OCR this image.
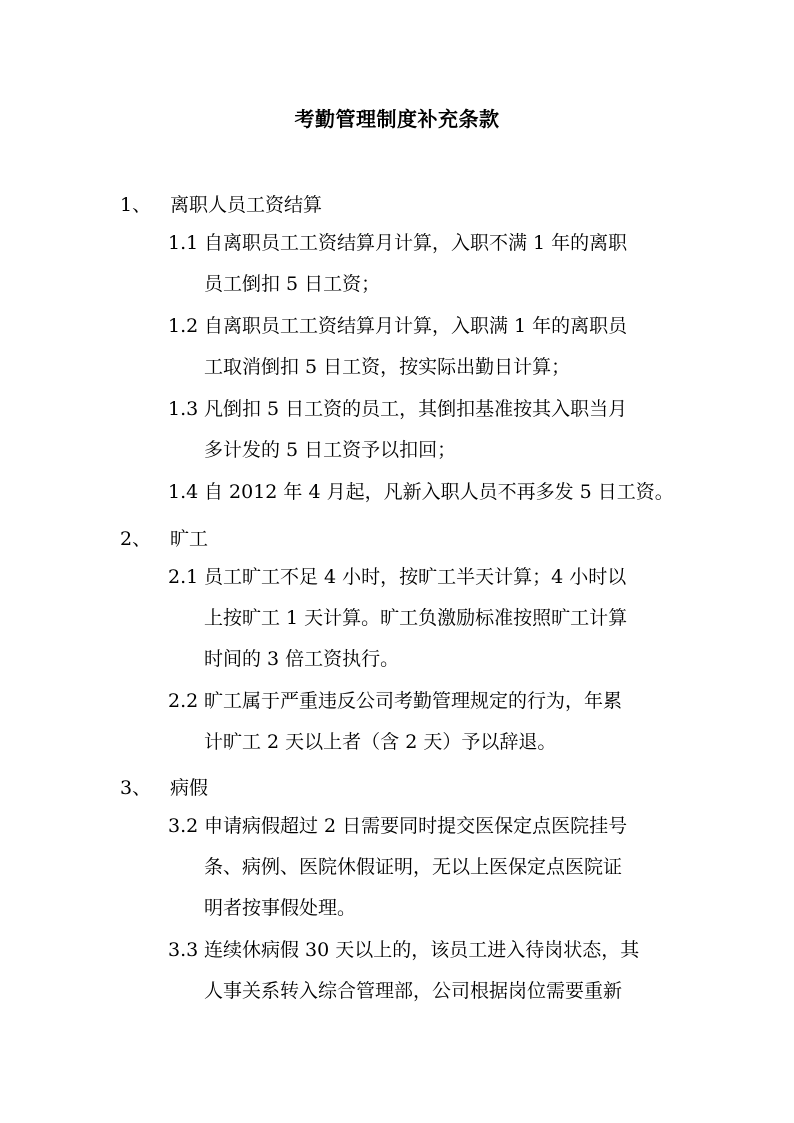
考勤管理制度补充条款
1、 离职人员工资结算
1.1 自离职员工工资结算月计算，入职不满 1 年的离职
员工倒扣 5 日工资；
1.2 自离职员工工资结算月计算，入职满 1 年的离职员
工取消倒扣 5 日工资，按实际出勤日计算；
1.3 凡倒扣 5 日工资的员工，其倒扣基准按其入职当月
多计发的 5 日工资予以扣回；
1.4 自 2012 年 4 月起，凡新入职人员不再多发 5 日工资。
2、 旷工
2.1 员工旷工不足 4 小时，按旷工半天计算；4 小时以
上按旷工 1 天计算。旷工负激励标准按照旷工计算
时间的 3 倍工资执行。
2.2 旷工属于严重违反公司考勤管理规定的行为，年累
计旷工 2 天以上者（含 2 天）予以辞退。
3、 病假
3.2 申请病假超过 2 日需要同时提交医保定点医院挂号
条、病例、医院休假证明，无以上医保定点医院证
明者按事假处理。
3.3 连续休病假 30 天以上的，该员工进入待岗状态，其
人事关系转入综合管理部，公司根据岗位需要重新
